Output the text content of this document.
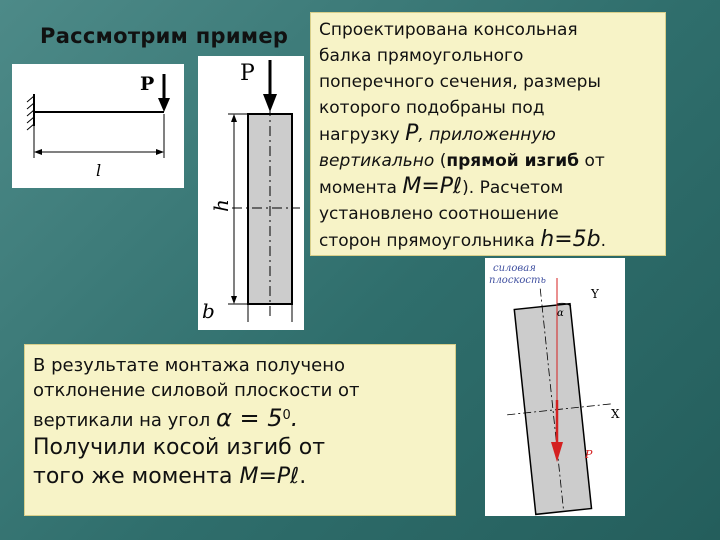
Рассмотрим пример
P
l
P
h
b
Спроектирована консольная
балка прямоугольного
поперечного сечения, размеры
которого подобраны под
нагрузку Р, приложенную
вертикально (прямой изгиб от
момента М=Рℓ). Расчетом
установлено соотношение
сторон прямоугольника h=5b.
силовая
плоскость
α
Y
X
P
В результате монтажа получено
отклонение силовой плоскости от
вертикали на угол $\alpha = 5^0$.
Получили косой изгиб от
того же момента М=Рℓ.
